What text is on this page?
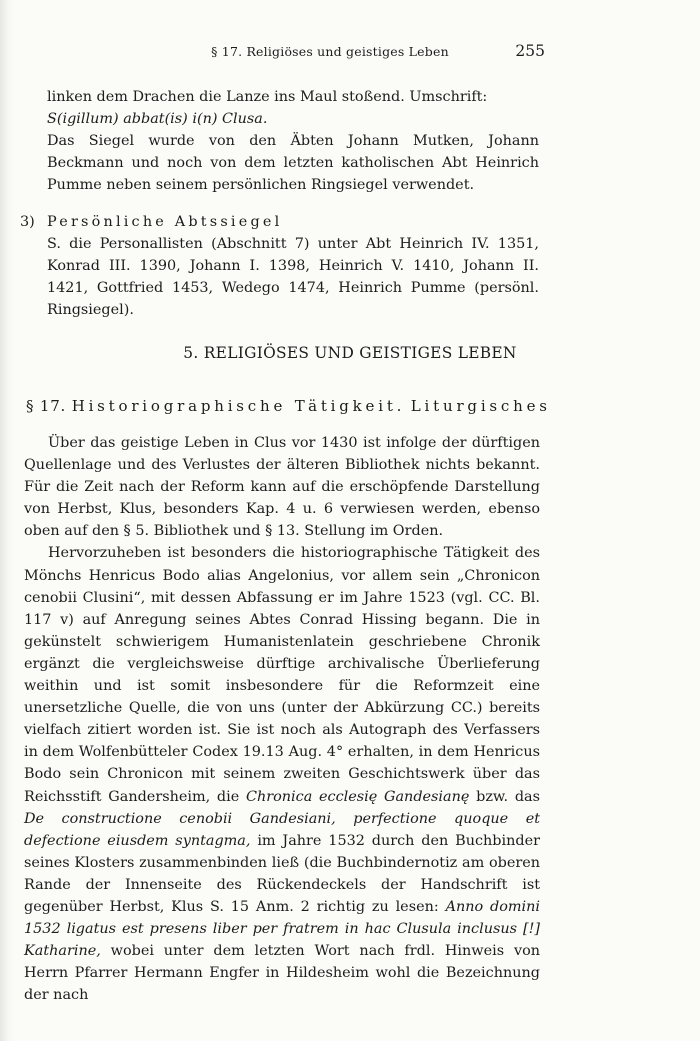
§ 17. Religiöses und geistiges Leben	255

linken dem Drachen die Lanze ins Maul stoßend. Umschrift:
S(igillum) abbat(is) i(n) Clusa.

Das Siegel wurde von den Äbten Johann Mutken, Johann Beckmann und noch von dem letzten katholischen Abt Heinrich Pumme neben seinem persönlichen Ringsiegel verwendet.

3) Persönliche Abtssiegel

S. die Personallisten (Abschnitt 7) unter Abt Heinrich IV. 1351, Konrad III. 1390, Johann I. 1398, Heinrich V. 1410, Johann II. 1421, Gottfried 1453, Wedego 1474, Heinrich Pumme (persönl. Ringsiegel).

5. RELIGIÖSES UND GEISTIGES LEBEN
§ 17. Historiographische Tätigkeit. Liturgisches

Über das geistige Leben in Clus vor 1430 ist infolge der dürftigen Quellenlage und des Verlustes der älteren Bibliothek nichts bekannt. Für die Zeit nach der Reform kann auf die erschöpfende Darstellung von Herbst, Klus, besonders Kap. 4 u. 6 verwiesen werden, ebenso oben auf den § 5. Bibliothek und § 13. Stellung im Orden.

Hervorzuheben ist besonders die historiographische Tätigkeit des Mönchs Henricus Bodo alias Angelonius, vor allem sein „Chronicon cenobii Clusini“, mit dessen Abfassung er im Jahre 1523 (vgl. CC. Bl. 117 v) auf Anregung seines Abtes Conrad Hissing begann. Die in gekünstelt schwierigem Humanistenlatein geschriebene Chronik ergänzt die vergleichsweise dürftige archivalische Überlieferung weithin und ist somit insbesondere für die Reformzeit eine unersetzliche Quelle, die von uns (unter der Abkürzung CC.) bereits vielfach zitiert worden ist. Sie ist noch als Autograph des Verfassers in dem Wolfenbütteler Codex 19.13 Aug. 4° erhalten, in dem Henricus Bodo sein Chronicon mit seinem zweiten Geschichtswerk über das Reichsstift Gandersheim, die Chronica ecclesię Gandesianę bzw. das De constructione cenobii Gandesiani, perfectione quoque et defectione eiusdem syntagma, im Jahre 1532 durch den Buchbinder seines Klosters zusammenbinden ließ (die Buchbindernotiz am oberen Rande der Innenseite des Rückendeckels der Handschrift ist gegenüber Herbst, Klus S. 15 Anm. 2 richtig zu lesen: Anno domini 1532 ligatus est presens liber per fratrem in hac Clusula inclusus [!] Katharine, wobei unter dem letzten Wort nach frdl. Hinweis von Herrn Pfarrer Hermann Engfer in Hildesheim wohl die Bezeichnung der nach
